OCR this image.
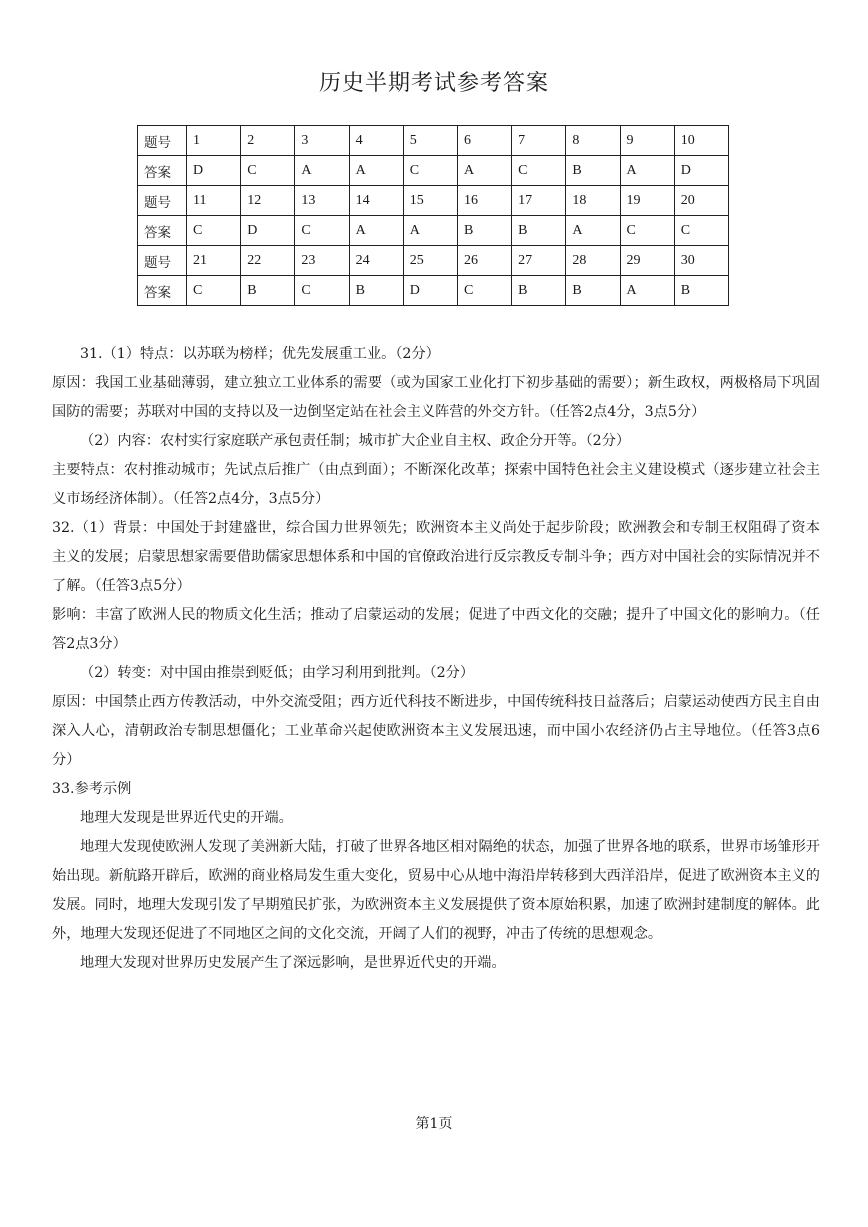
历史半期考试参考答案
题号	1	2	3	4	5	6	7	8	9	10
答案	D	C	A	A	C	A	C	B	A	D
题号	11	12	13	14	15	16	17	18	19	20
答案	C	D	C	A	A	B	B	A	C	C
题号	21	22	23	24	25	26	27	28	29	30
答案	C	B	C	B	D	C	B	B	A	B

31.（1）特点：以苏联为榜样；优先发展重工业。（2分）

原因：我国工业基础薄弱，建立独立工业体系的需要（或为国家工业化打下初步基础的需要）；新生政权，两极格局下巩固国防的需要；苏联对中国的支持以及一边倒坚定站在社会主义阵营的外交方针。（任答2点4分，3点5分）

（2）内容：农村实行家庭联产承包责任制；城市扩大企业自主权、政企分开等。（2分）

主要特点：农村推动城市；先试点后推广（由点到面）；不断深化改革；探索中国特色社会主义建设模式（逐步建立社会主义市场经济体制）。（任答2点4分，3点5分）

32.（1）背景：中国处于封建盛世，综合国力世界领先；欧洲资本主义尚处于起步阶段；欧洲教会和专制王权阻碍了资本主义的发展；启蒙思想家需要借助儒家思想体系和中国的官僚政治进行反宗教反专制斗争；西方对中国社会的实际情况并不了解。（任答3点5分）

影响：丰富了欧洲人民的物质文化生活；推动了启蒙运动的发展；促进了中西文化的交融；提升了中国文化的影响力。（任答2点3分）

（2）转变：对中国由推崇到贬低；由学习利用到批判。（2分）

原因：中国禁止西方传教活动，中外交流受阻；西方近代科技不断进步，中国传统科技日益落后；启蒙运动使西方民主自由深入人心，清朝政治专制思想僵化；工业革命兴起使欧洲资本主义发展迅速，而中国小农经济仍占主导地位。（任答3点6分）

33.参考示例

地理大发现是世界近代史的开端。

地理大发现使欧洲人发现了美洲新大陆，打破了世界各地区相对隔绝的状态，加强了世界各地的联系，世界市场雏形开始出现。新航路开辟后，欧洲的商业格局发生重大变化，贸易中心从地中海沿岸转移到大西洋沿岸，促进了欧洲资本主义的发展。同时，地理大发现引发了早期殖民扩张，为欧洲资本主义发展提供了资本原始积累，加速了欧洲封建制度的解体。此外，地理大发现还促进了不同地区之间的文化交流，开阔了人们的视野，冲击了传统的思想观念。

地理大发现对世界历史发展产生了深远影响，是世界近代史的开端。

第1页
